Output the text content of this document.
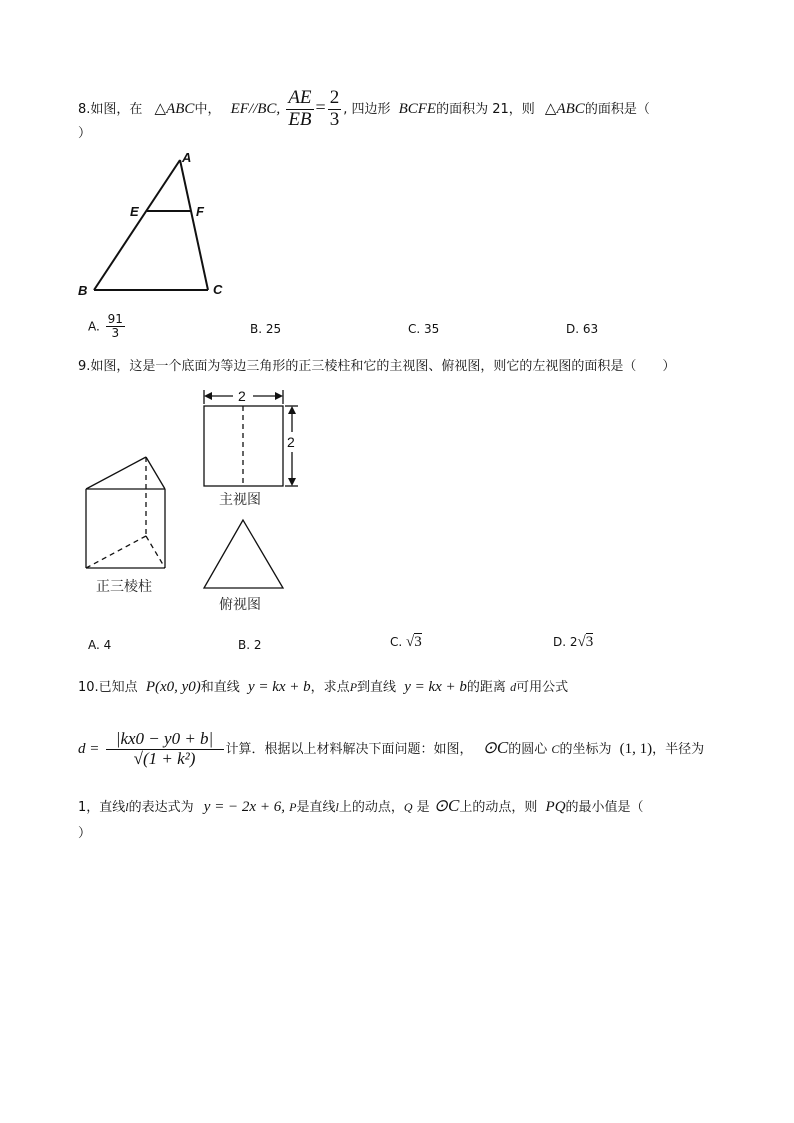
8.如图，在 △ABC中， EF//BC, $\frac{AE}{EB} = \frac{2}{3}$ , 四边形 BCFE的面积为 21，则 △ABC的面积是（
）
A
E	F
B	C
A. $\frac{91}{3}$	B. 25	C. 35	D. 63
9.如图，这是一个底面为等边三角形的正三棱柱和它的主视图、俯视图，则它的左视图的面积是（　　）
2
2
主视图
正三棱柱
俯视图
A. 4	B. 2	C. √3	D. 2√3
10.已知点 P(x0, y0)和直线 y = kx + b，求点P到直线 y = kx + b的距离 d可用公式
$d = \frac{|kx0 - y0 + b|}{\text{√(1 + k²)}}$ 计算．根据以上材料解决下面问题：如图， ⊙C的圆心 C的坐标为 (1, 1)，半径为
1，直线l的表达式为 y = − 2x + 6, P是直线l上的动点，Q 是 ⊙C上的动点，则 PQ的最小值是（
）
